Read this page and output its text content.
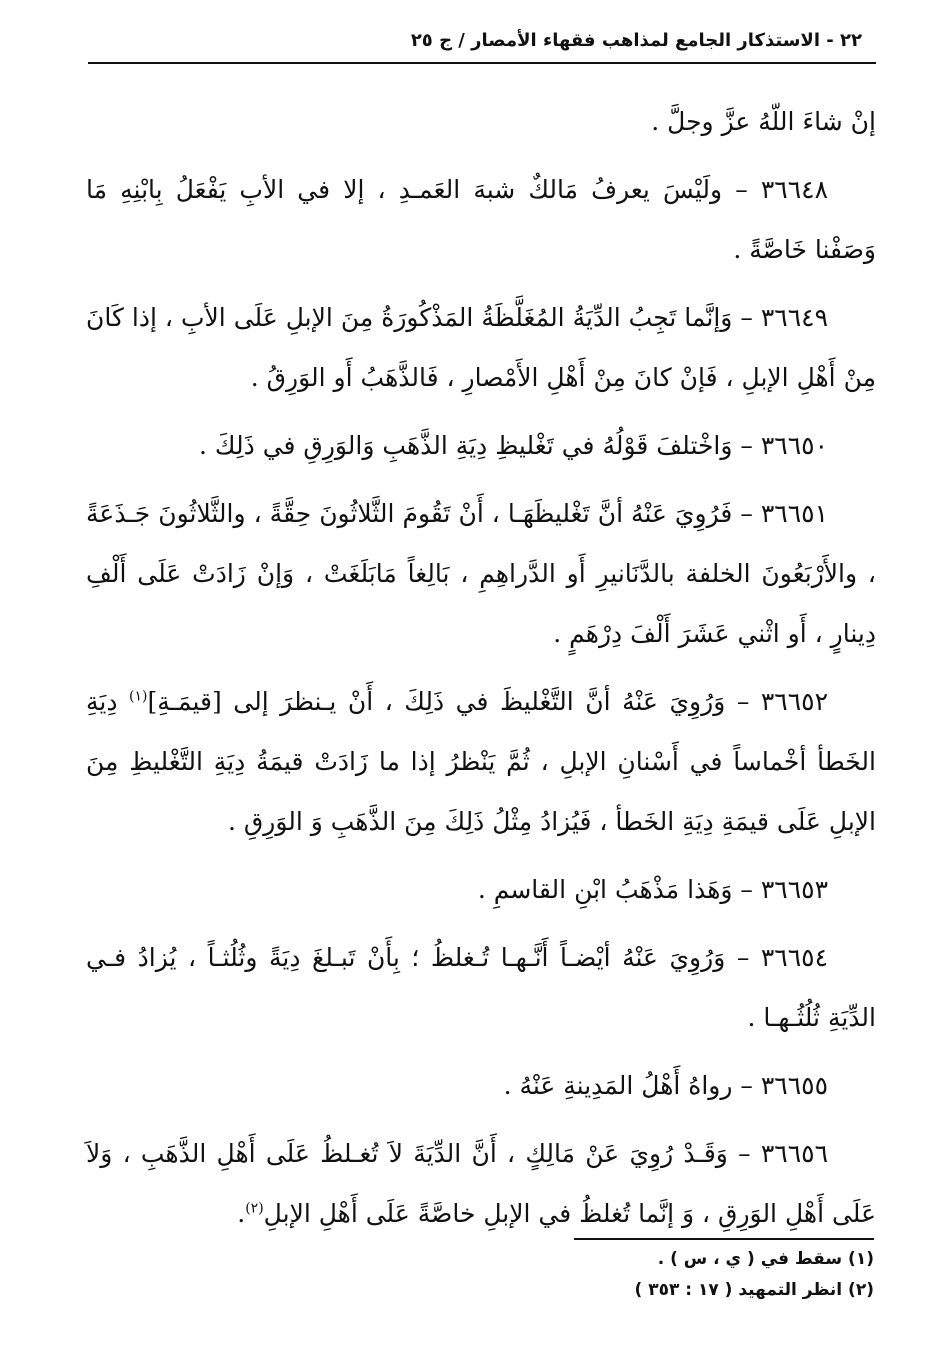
٢٢ - الاستذكار الجامع لمذاهب فقهاء الأمصار / ج ٢٥

إنْ شاءَ اللّهُ عزَّ وجلَّ .

٣٦٦٤٨ – ولَيْسَ يعرفُ مَالكٌ شبهَ العَمـدِ ، إلا في الأبِ يَفْعَلُ بِابْنِهِ مَا وَصَفْنا خَاصَّةً .

٣٦٦٤٩ – وَإنَّما تَجِبُ الدِّيَةُ المُغَلَّظَةُ المَذْكُورَةُ مِنَ الإبلِ عَلَى الأبِ ، إذا كَانَ مِنْ أَهْلِ الإبلِ ، فَإنْ كانَ مِنْ أَهْلِ الأَمْصارِ ، فَالذَّهَبُ أَو الوَرِقُ .

٣٦٦٥٠ – وَاخْتلفَ قَوْلُهُ في تَغْليظِ دِيَةِ الذَّهَبِ وَالوَرِقِ في ذَلِكَ .

٣٦٦٥١ – فَرُوِيَ عَنْهُ أنَّ تَغْليظَهَـا ، أَنْ تَقُومَ الثَّلاثُونَ حِقَّةً ، والثَّلاثُونَ جَـذَعَةً ، والأَرْبَعُونَ الخلفة بالدَّنَانيرِ أَو الدَّراهِمِ ، بَالِغاً مَابَلَغَتْ ، وَإنْ زَادَتْ عَلَى أَلْفِ دِينارٍ ، أَو اثْني عَشَرَ أَلْفَ دِرْهَمٍ .

٣٦٦٥٢ – وَرُوِيَ عَنْهُ أنَّ التَّغْليظَ في ذَلِكَ ، أَنْ يـنظرَ إلى [قيمَـةِ]$^{(١)}$ دِيَةِ الخَطأ أخْماساً في أَسْنانِ الإبلِ ، ثُمَّ يَنْظرُ إذا ما زَادَتْ قيمَةُ دِيَةِ التَّغْليظِ مِنَ الإبلِ عَلَى قيمَةِ دِيَةِ الخَطأ ، فَيُزادُ مِثْلُ ذَلِكَ مِنَ الذَّهَبِ وَ الوَرِقِ .

٣٦٦٥٣ – وَهَذا مَذْهَبُ ابْنِ القاسمِ .

٣٦٦٥٤ – وَرُوِيَ عَنْهُ أيْضـاً أَنَّـهـا تُـغلظُ ؛ بِأَنْ تَبـلغَ دِيَةً وثُلُثـاً ، يُزادُ فـي الدِّيَةِ ثُلُثُـهـا .

٣٦٦٥٥ – رواهُ أَهْلُ المَدِينةِ عَنْهُ .

٣٦٦٥٦ – وَقَـدْ رُوِيَ عَنْ مَالِكٍ ، أَنَّ الدِّيَةَ لاَ تُغـلظُ عَلَى أَهْلِ الذَّهَبِ ، وَلاَ عَلَى أَهْلِ الوَرِقِ ، وَ إنَّما تُغلظُ في الإبلِ خاصَّةً عَلَى أَهْلِ الإبلِ$^{(٢)}$.

(١) سقط في ( ي ، س ) .

(٢) انظر التمهيد ( ١٧ : ٣٥٣ )
